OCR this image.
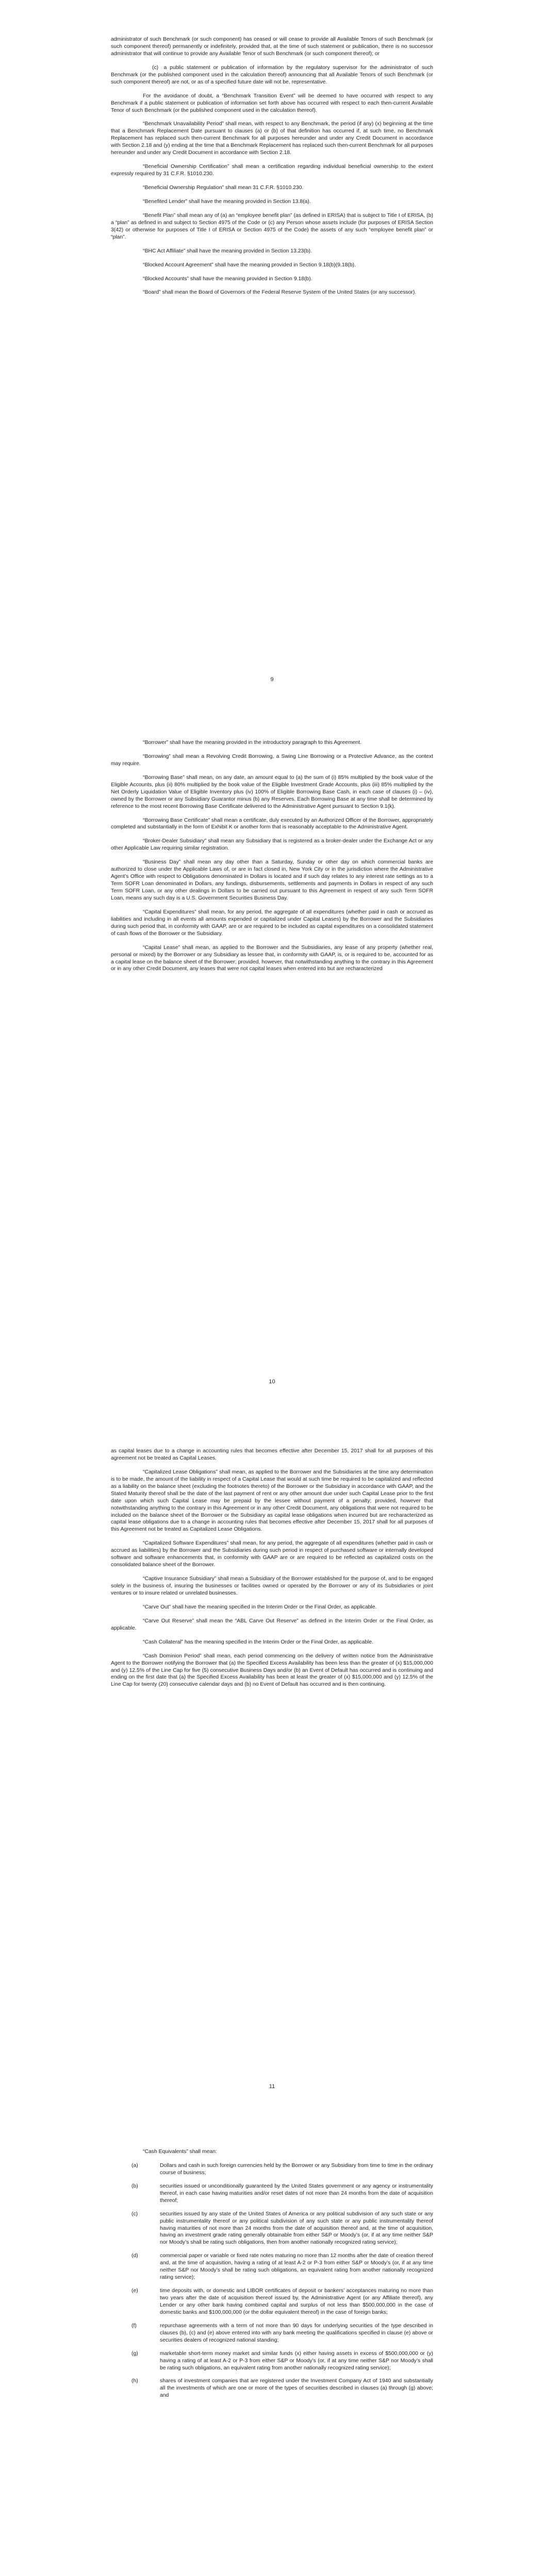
administrator of such Benchmark (or such component) has ceased or will cease to provide all Available Tenors of such Benchmark (or such component thereof) permanently or indefinitely, provided that, at the time of such statement or publication, there is no successor administrator that will continue to provide any Available Tenor of such Benchmark (or such component thereof); or

(c) a public statement or publication of information by the regulatory supervisor for the administrator of such Benchmark (or the published component used in the calculation thereof) announcing that all Available Tenors of such Benchmark (or such component thereof) are not, or as of a specified future date will not be, representative.

For the avoidance of doubt, a “Benchmark Transition Event” will be deemed to have occurred with respect to any Benchmark if a public statement or publication of information set forth above has occurred with respect to each then-current Available Tenor of such Benchmark (or the published component used in the calculation thereof).

“Benchmark Unavailability Period” shall mean, with respect to any Benchmark, the period (if any) (x) beginning at the time that a Benchmark Replacement Date pursuant to clauses (a) or (b) of that definition has occurred if, at such time, no Benchmark Replacement has replaced such then-current Benchmark for all purposes hereunder and under any Credit Document in accordance with Section 2.18 and (y) ending at the time that a Benchmark Replacement has replaced such then-current Benchmark for all purposes hereunder and under any Credit Document in accordance with Section 2.18.

“Beneficial Ownership Certification” shall mean a certification regarding individual beneficial ownership to the extent expressly required by 31 C.F.R. §1010.230.

“Beneficial Ownership Regulation” shall mean 31 C.F.R. §1010.230.

“Benefited Lender” shall have the meaning provided in Section 13.8(a).

“Benefit Plan” shall mean any of (a) an “employee benefit plan” (as defined in ERISA) that is subject to Title I of ERISA, (b) a “plan” as defined in and subject to Section 4975 of the Code or (c) any Person whose assets include (for purposes of ERISA Section 3(42) or otherwise for purposes of Title I of ERISA or Section 4975 of the Code) the assets of any such “employee benefit plan” or “plan”.

“BHC Act Affiliate” shall have the meaning provided in Section 13.23(b).

“Blocked Account Agreement” shall have the meaning provided in Section 9.18(b)(9.18(b).

“Blocked Accounts” shall have the meaning provided in Section 9.18(b).

“Board” shall mean the Board of Governors of the Federal Reserve System of the United States (or any successor).

9

“Borrower” shall have the meaning provided in the introductory paragraph to this Agreement.

“Borrowing” shall mean a Revolving Credit Borrowing, a Swing Line Borrowing or a Protective Advance, as the context may require.

“Borrowing Base” shall mean, on any date, an amount equal to (a) the sum of (i) 85% multiplied by the book value of the Eligible Accounts, plus (ii) 80% multiplied by the book value of the Eligible Investment Grade Accounts, plus (iii) 85% multiplied by the Net Orderly Liquidation Value of Eligible Inventory plus (iv) 100% of Eligible Borrowing Base Cash, in each case of clauses (i) – (iv), owned by the Borrower or any Subsidiary Guarantor minus (b) any Reserves. Each Borrowing Base at any time shall be determined by reference to the most recent Borrowing Base Certificate delivered to the Administrative Agent pursuant to Section 9.1(k).

“Borrowing Base Certificate” shall mean a certificate, duly executed by an Authorized Officer of the Borrower, appropriately completed and substantially in the form of Exhibit K or another form that is reasonably acceptable to the Administrative Agent.

“Broker-Dealer Subsidiary” shall mean any Subsidiary that is registered as a broker-dealer under the Exchange Act or any other Applicable Law requiring similar registration.

“Business Day” shall mean any day other than a Saturday, Sunday or other day on which commercial banks are authorized to close under the Applicable Laws of, or are in fact closed in, New York City or in the jurisdiction where the Administrative Agent’s Office with respect to Obligations denominated in Dollars is located and if such day relates to any interest rate settings as to a Term SOFR Loan denominated in Dollars, any fundings, disbursements, settlements and payments in Dollars in respect of any such Term SOFR Loan, or any other dealings in Dollars to be carried out pursuant to this Agreement in respect of any such Term SOFR Loan, means any such day is a U.S. Government Securities Business Day.

“Capital Expenditures” shall mean, for any period, the aggregate of all expenditures (whether paid in cash or accrued as liabilities and including in all events all amounts expended or capitalized under Capital Leases) by the Borrower and the Subsidiaries during such period that, in conformity with GAAP, are or are required to be included as capital expenditures on a consolidated statement of cash flows of the Borrower or the Subsidiary.

“Capital Lease” shall mean, as applied to the Borrower and the Subsidiaries, any lease of any property (whether real, personal or mixed) by the Borrower or any Subsidiary as lessee that, in conformity with GAAP, is, or is required to be, accounted for as a capital lease on the balance sheet of the Borrower; provided, however, that notwithstanding anything to the contrary in this Agreement or in any other Credit Document, any leases that were not capital leases when entered into but are recharacterized

10

as capital leases due to a change in accounting rules that becomes effective after December 15, 2017 shall for all purposes of this agreement not be treated as Capital Leases.

“Capitalized Lease Obligations” shall mean, as applied to the Borrower and the Subsidiaries at the time any determination is to be made, the amount of the liability in respect of a Capital Lease that would at such time be required to be capitalized and reflected as a liability on the balance sheet (excluding the footnotes thereto) of the Borrower or the Subsidiary in accordance with GAAP, and the Stated Maturity thereof shall be the date of the last payment of rent or any other amount due under such Capital Lease prior to the first date upon which such Capital Lease may be prepaid by the lessee without payment of a penalty; provided, however that notwithstanding anything to the contrary in this Agreement or in any other Credit Document, any obligations that were not required to be included on the balance sheet of the Borrower or the Subsidiary as capital lease obligations when incurred but are recharacterized as capital lease obligations due to a change in accounting rules that becomes effective after December 15, 2017 shall for all purposes of this Agreement not be treated as Capitalized Lease Obligations.

“Capitalized Software Expenditures” shall mean, for any period, the aggregate of all expenditures (whether paid in cash or accrued as liabilities) by the Borrower and the Subsidiaries during such period in respect of purchased software or internally developed software and software enhancements that, in conformity with GAAP are or are required to be reflected as capitalized costs on the consolidated balance sheet of the Borrower.

“Captive Insurance Subsidiary” shall mean a Subsidiary of the Borrower established for the purpose of, and to be engaged solely in the business of, insuring the businesses or facilities owned or operated by the Borrower or any of its Subsidiaries or joint ventures or to insure related or unrelated businesses.

“Carve Out” shall have the meaning specified in the Interim Order or the Final Order, as applicable.

“Carve Out Reserve” shall mean the “ABL Carve Out Reserve” as defined in the Interim Order or the Final Order, as applicable.

“Cash Collateral” has the meaning specified in the Interim Order or the Final Order, as applicable.

“Cash Dominion Period” shall mean, each period commencing on the delivery of written notice from the Administrative Agent to the Borrower notifying the Borrower that (a) the Specified Excess Availability has been less than the greater of (x) $15,000,000 and (y) 12.5% of the Line Cap for five (5) consecutive Business Days and/or (b) an Event of Default has occurred and is continuing and ending on the first date that (a) the Specified Excess Availability has been at least the greater of (x) $15,000,000 and (y) 12.5% of the Line Cap for twenty (20) consecutive calendar days and (b) no Event of Default has occurred and is then continuing.

11

“Cash Equivalents” shall mean:

(a)	Dollars and cash in such foreign currencies held by the Borrower or any Subsidiary from time to time in the ordinary course of business;
(b)	securities issued or unconditionally guaranteed by the United States government or any agency or instrumentality thereof, in each case having maturities and/or reset dates of not more than 24 months from the date of acquisition thereof;
(c)	securities issued by any state of the United States of America or any political subdivision of any such state or any public instrumentality thereof or any political subdivision of any such state or any public instrumentality thereof having maturities of not more than 24 months from the date of acquisition thereof and, at the time of acquisition, having an investment grade rating generally obtainable from either S&P or Moody’s (or, if at any time neither S&P nor Moody’s shall be rating such obligations, then from another nationally recognized rating service);
(d)	commercial paper or variable or fixed rate notes maturing no more than 12 months after the date of creation thereof and, at the time of acquisition, having a rating of at least A-2 or P-3 from either S&P or Moody’s (or, if at any time neither S&P nor Moody’s shall be rating such obligations, an equivalent rating from another nationally recognized rating service);
(e)	time deposits with, or domestic and LIBOR certificates of deposit or bankers’ acceptances maturing no more than two years after the date of acquisition thereof issued by, the Administrative Agent (or any Affiliate thereof), any Lender or any other bank having combined capital and surplus of not less than $500,000,000 in the case of domestic banks and $100,000,000 (or the dollar equivalent thereof) in the case of foreign banks;
(f)	repurchase agreements with a term of not more than 90 days for underlying securities of the type described in clauses (b), (c) and (e) above entered into with any bank meeting the qualifications specified in clause (e) above or securities dealers of recognized national standing;
(g)	marketable short-term money market and similar funds (x) either having assets in excess of $500,000,000 or (y) having a rating of at least A-2 or P-3 from either S&P or Moody’s (or, if at any time neither S&P nor Moody’s shall be rating such obligations, an equivalent rating from another nationally recognized rating service);
(h)	shares of investment companies that are registered under the Investment Company Act of 1940 and substantially all the investments of which are one or more of the types of securities described in clauses (a) through (g) above; and
